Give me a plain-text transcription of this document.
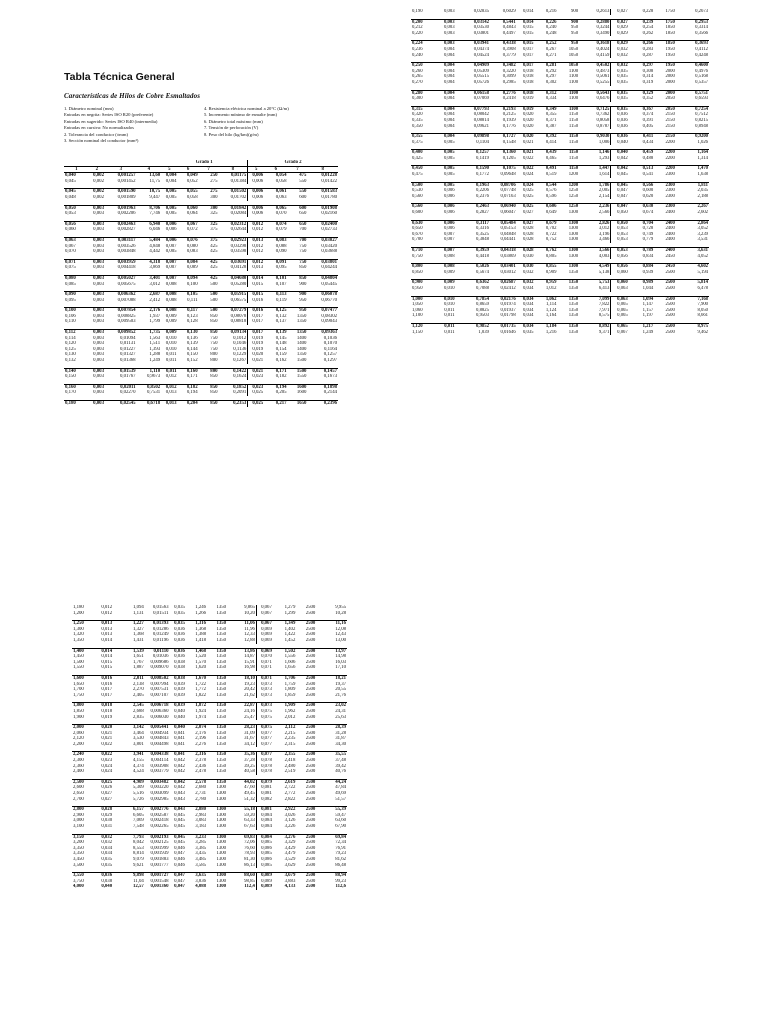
Tabla Técnica General
Características de Hilos de Cobre Esmaltados
1. Diámetro nominal (mm)
Entradas en negrita: Series ISO R20 (preferente)
Entradas en sugerido: Series ISO R40 (intermedia)
Entradas en cursiva: No normalizados
2. Tolerancia del conductor (±mm)
3. Sección nominal del conductor (mm²)
4. Resistencia eléctrica nominal a 20°C (Ω/m)
5. Incremento mínimo de esmalte (mm)
6. Diámetro total máximo (mm)
7. Tensión de perforación (V)
8. Peso del hilo (kg/km)(g/m)
				Grado 1				Grado 2			
1	2	3	4	5	6	7	8	5	6	7	8
0,040	0,002	0,001257	13,60	0,004	0,049	250	0,01175	0,006	0,054	475	0,01228
0,045	0,002	0,001452	11,75	0,004	0,052	275	0,01384	0,006	0,058	550	0,01422

0,045	0,002	0,001590	10,75	0,005	0,055	275	0,01502	0,006	0,061	550	0,01583
0,048	0,002	0,001809	9,447	0,005	0,058	300	0,01702	0,006	0,063	600	0,01780

0,050	0,003	0,001963	8,706	0,005	0,060	300	0,01842	0,006	0,065	600	0,01908
0,053	0,003	0,002206	7,746	0,005	0,064	325	0,02084	0,006	0,070	650	0,02160

0,056	0,003	0,002463	6,940	0,006	0,067	325	0,02312	0,012	0,074	650	0,02400
0,060	0,003	0,002827	6,046	0,006	0,072	375	0,02644	0,012	0,079	700	0,02733

0,063	0,003	0,003117	5,484	0,006	0,076	375	0,02923	0,013	0,083	700	0,03027
0,067	0,003	0,003526	4,848	0,007	0,080	425	0,03298	0,012	0,088	750	0,03420
0,070	0,003	0,003848	4,442	0,005	0,083	425	0,03598	0,012	0,090	750	0,03688

0,071	0,003	0,003959	4,318	0,007	0,084	425	0,03691	0,012	0,091	750	0,03801
0,075	0,003	0,004418	3,869	0,007	0,089	425	0,04128	0,013	0,095	850	0,04244

0,080	0,003	0,005027	3,401	0,007	0,094	425	0,04680	0,014	0,101	850	0,04804
0,085	0,003	0,005675	3,012	0,008	0,100	500	0,05280	0,015	0,107	900	0,05445

0,090	0,003	0,006362	2,687	0,008	0,105	500	0,05915	0,015	0,113	900	0,06078
0,095	0,003	0,007088	2,412	0,008	0,111	500	0,06575	0,016	0,119	950	0,06770

0,100	0,003	0,007854	2,176	0,008	0,117	500	0,07279	0,016	0,125	950	0,07477
0,106	0,003	0,008825	1,937	0,009	0,123	850	0,08078	0,017	0,132	1350	0,08302
0,110	0,003	0,009503	1,799	0,009	0,128	850	0,08818	0,017	0,137	1350	0,09043

0,112	0,003	0,009852	1,735	0,009	0,130	850	0,09134	0,017	0,139	1350	0,09363
0,114	0,003	0,01094	1,563	0,010	0,136	750	0,1012	0,019	0,145	1400	0,1036
0,120	0,003	0,01131	1,511	0,010	0,139	750	0,1046	0,019	0,148	1400	0,1070
0,125	0,003	0,01227	1,393	0,010	0,144	750	0,1136	0,019	0,154	1400	0,1164
0,130	0,003	0,01327	1,288	0,011	0,150	800	0,1229	0,020	0,159	1350	0,1257
0,132	0,003	0,01368	1,249	0,011	0,152	800	0,1267	0,021	0,162	1500	0,1297

0,140	0,003	0,01539	1,110	0,011	0,160	800	0,1422	0,021	0,171	1500	0,1457
0,150	0,003	0,01767	0,9673	0,012	0,171	850	0,1624	0,023	0,182	1550	0,1673

0,160	0,003	0,02011	0,8502	0,012	0,182	850	0,1852	0,023	0,194	1600	0,1898
0,170	0,003	0,02270	0,7531	0,013	0,194	850	0,2091	0,025	0,205	1600	0,2144

0,180	0,003	0,02545	0,6718	0,013	0,204	850	0,2353	0,025	0,217	1650	0,2396
0,190	0,003	0,02835	0,6029	0,014	0,216	900	0,2613	0,027	0,228	1750	0,2673

0,200	0,003	0,03142	0,5441	0,014	0,226	900	0,2880	0,027	0,239	1750	0,2953
0,212	0,003	0,03530	0,4843	0,015	0,240	950	0,3244	0,029	0,254	1850	0,3314
0,220	0,003	0,03801	0,4497	0,015	0,248	950	0,3490	0,029	0,262	1850	0,3566

0,224	0,003	0,03941	0,4338	0,015	0,252	950	0,3618	0,029	0,266	1850	0,3693
0,236	0,004	0,04374	0,3908	0,017	0,267	1050	0,4024	0,032	0,283	1950	0,4112
0,240	0,004	0,04524	0,3779	0,017	0,271	1050	0,4159	0,032	0,287	1950	0,4248

0,250	0,004	0,04909	0,3482	0,017	0,281	1050	0,4502	0,032	0,297	1950	0,4600
0,260	0,004	0,05309	0,3220	0,018	0,292	1100	0,4873	0,035	0,308	2000	0,4976
0,265	0,004	0,05515	0,3099	0,018	0,297	1100	0,5061	0,035	0,314	2000	0,5168
0,270	0,004	0,05726	0,2985	0,018	0,302	1100	0,5255	0,035	0,319	2000	0,5357

0,280	0,004	0,06158	0,2776	0,018	0,312	1100	0,5643	0,035	0,329	2000	0,5751
0,300	0,004	0,07069	0,2418	0,019	0,334	1100	0,6476	0,035	0,352	2050	0,6593

0,315	0,004	0,07793	0,2193	0,019	0,349	1100	0,7125	0,035	0,367	2050	0,7254
0,320	0,004	0,08042	0,2125	0,020	0,355	1150	0,7362	0,036	0,374	2150	0,7512
0,335	0,004	0,08814	0,1939	0,020	0,371	1150	0,8058	0,036	0,391	2150	0,8215
0,350	0,004	0,09621	0,1776	0,020	0,387	1150	0,8787	0,036	0,405	2150	0,8948

0,355	0,004	0,09898	0,1727	0,020	0,392	1150	0,9030	0,036	0,411	2150	0,9200
0,375	0,005	0,1104	0,1548	0,021	0,414	1150	1,006	0,040	0,434	2200	1,026

0,400	0,005	0,1257	0,1360	0,021	0,439	1150	1,146	0,040	0,459	2200	1,164
0,425	0,005	0,1419	0,1205	0,022	0,465	1150	1,293	0,042	0,488	2200	1,314

0,450	0,005	0,1590	0,1075	0,022	0,491	1150	1,447	0,042	0,513	2200	1,470
0,475	0,005	0,1772	0,09648	0,024	0,519	1200	1,614	0,045	0,541	2300	1,638

0,500	0,005	0,1963	0,08706	0,024	0,544	1200	1,786	0,045	0,566	2300	1,811
0,530	0,006	0,2206	0,07748	0,025	0,576	1250	2,005	0,047	0,600	2300	2,035
0,560	0,006	0,2376	0,07163	0,025	0,596	1250	2,154	0,047	0,620	2300	2,188

0,560	0,006	0,2463	0,06940	0,025	0,606	1250	2,236	0,047	0,630	2300	2,267
0,600	0,006	0,2827	0,06047	0,027	0,649	1300	2,566	0,050	0,674	2400	2,602

0,630	0,006	0,3117	0,05484	0,027	0,679	1300	2,826	0,050	0,704	2400	2,864
0,650	0,006	0,3316	0,05153	0,028	0,702	1300	3,012	0,053	0,728	2400	3,052
0,670	0,007	0,3525	0,04848	0,028	0,722	1300	3,196	0,053	0,749	2400	3,239
0,700	0,007	0,3848	0,04441	0,028	0,752	1300	3,466	0,053	0,779	2400	3,531

0,710	0,007	0,3959	0,04318	0,028	0,762	1300	3,566	0,053	0,789	2400	3,631
0,750	0,008	0,4418	0,03869	0,030	0,805	1300	4,003	0,056	0,834	2450	4,052

0,800	0,008	0,5026	0,03401	0,030	0,855	1300	4,549	0,056	0,884	2450	4,602
0,850	0,009	0,5674	0,03012	0,032	0,909	1350	5,138	0,060	0,939	2500	5,194

0,900	0,009	0,6362	0,02687	0,032	0,959	1350	5,753	0,060	0,989	2500	5,814
0,950	0,010	0,7088	0,02412	0,034	1,012	1350	6,413	0,063	1,044	2500	6,478

1,000	0,010	0,7854	0,02176	0,034	1,062	1350	7,099	0,063	1,094	2500	7,168
1,050	0,010	0,8659	0,01974	0,034	1,114	1350	7,822	0,065	1,147	2500	7,900
1,060	0,011	0,8825	0,01937	0,034	1,124	1350	7,971	0,065	1,157	2500	8,050
1,100	0,011	0,9503	0,01798	0,034	1,164	1350	8,575	0,065	1,197	2500	8,661

1,120	0,011	0,9852	0,01735	0,034	1,184	1350	8,892	0,065	1,217	2500	8,975
1,150	0,011	1,039	0,01646	0,035	1,216	1350	9,371	0,067	1,249	2500	9,462
1,180	0,012	1,094	0,01563	0,035	1,246	1350	9,865	0,067	1,279	2500	9,955
1,200	0,012	1,131	0,01511	0,035	1,266	1350	10,20	0,067	1,299	2500	10,28

1,250	0,013	1,227	0,01393	0,035	1,316	1350	11,06	0,067	1,349	2500	11,16
1,300	0,013	1,327	0,01286	0,036	1,368	1350	11,96	0,069	1,402	2500	12,08
1,320	0,013	1,368	0,01249	0,036	1,388	1350	12,33	0,069	1,422	2500	12,43
1,350	0,014	1,431	0,01196	0,036	1,418	1350	12,88	0,069	1,452	2500	13,00

1,400	0,014	1,539	0,01110	0,036	1,468	1350	13,86	0,069	1,502	2500	13,97
1,450	0,014	1,651	0,01036	0,036	1,520	1350	14,87	0,070	1,556	2500	14,98
1,500	0,015	1,767	0,009686	0,038	1,570	1350	15,91	0,071	1,606	2500	16,03
1,550	0,015	1,887	0,009070	0,038	1,620	1350	16,98	0,071	1,656	2500	17,10

1,600	0,016	2,011	0,008502	0,038	1,670	1350	18,10	0,071	1,706	2500	18,21
1,650	0,016	2,138	0,007994	0,039	1,722	1350	19,23	0,073	1,759	2500	19,37
1,700	0,017	2,270	0,007531	0,039	1,772	1350	20,42	0,073	1,809	2500	20,55
1,750	0,017	2,405	0,007107	0,039	1,822	1350	21,62	0,073	1,859	2500	21,76

1,800	0,018	2,545	0,006718	0,039	1,872	1350	22,87	0,073	1,909	2500	23,02
1,850	0,018	2,688	0,006360	0,040	1,924	1350	24,16	0,075	1,962	2500	24,31
1,900	0,019	2,835	0,006030	0,040	1,974	1350	25,47	0,075	2,012	2500	25,63

2,000	0,020	3,142	0,005441	0,040	2,074	1350	28,23	0,075	2,112	2500	28,39
2,060	0,021	3,464	0,004934	0,041	2,176	1350	31,09	0,077	2,215	2500	31,28
2,120	0,021	3,530	0,004843	0,041	2,196	1350	31,67	0,077	2,235	2500	31,87
2,200	0,022	3,801	0,004498	0,041	2,276	1350	34,12	0,077	2,315	2500	34,30

2,240	0,022	3,941	0,004338	0,041	2,316	1350	35,36	0,077	2,355	2500	35,55
2,300	0,023	4,155	0,004114	0,042	2,378	1350	37,28	0,078	2,418	2500	37,48
2,360	0,024	4,374	0,003908	0,042	2,436	1350	39,25	0,078	2,480	2500	39,42
2,400	0,024	4,524	0,003779	0,042	2,478	1350	40,58	0,078	2,519	2500	40,76

2,500	0,025	4,909	0,003482	0,042	2,578	1350	44,02	0,079	2,619	2500	44,24
2,600	0,026	5,309	0,003220	0,042	2,680	1300	47,60	0,081	2,722	2500	47,84
2,650	0,027	5,516	0,003099	0,043	2,731	1300	49,45	0,081	2,772	2500	49,69
2,700	0,027	5,726	0,002985	0,043	2,780	1300	51,32	0,082	2,822	2500	51,57

2,800	0,028	6,157	0,002776	0,043	2,880	1300	55,18	0,081	2,922	2500	55,39
2,900	0,029	6,605	0,002587	0,045	2,983	1300	59,20	0,084	3,026	2500	59,47
3,000	0,030	7,069	0,002418	0,045	3,083	1300	63,33	0,084	3,126	2500	63,60
3,100	0,031	7,548	0,002265	0,045	3,183	1300	67,63	0,084	3,226	2500	67,90

3,150	0,032	7,793	0,002193	0,045	3,233	1300	69,83	0,084	3,276	2500	69,84
3,200	0,032	8,042	0,002125	0,045	3,285	1300	72,06	0,085	3,329	2500	72,34
3,350	0,034	8,553	0,001999	0,046	3,385	1300	76,60	0,086	3,429	2500	76,91
3,350	0,034	8,814	0,001939	0,047	3,435	1300	78,93	0,085	3,479	2500	79,23
3,450	0,035	9,079	0,001883	0,046	3,485	1300	81,30	0,086	3,529	2500	81,62
3,500	0,035	9,621	0,001777	0,046	3,585	1300	86,13	0,085	3,629	2500	86,48

3,550	0,036	9,898	0,001727	0,047	3,635	1300	88,60	0,089	3,679	2500	88,94
3,750	0,038	11,04	0,001548	0,047	3,836	1300	98,85	0,089	3,883	2500	99,23
4,000	0,040	12,57	0,001360	0,047	4,088	1300	112,4	0,089	4,133	2500	112,6
